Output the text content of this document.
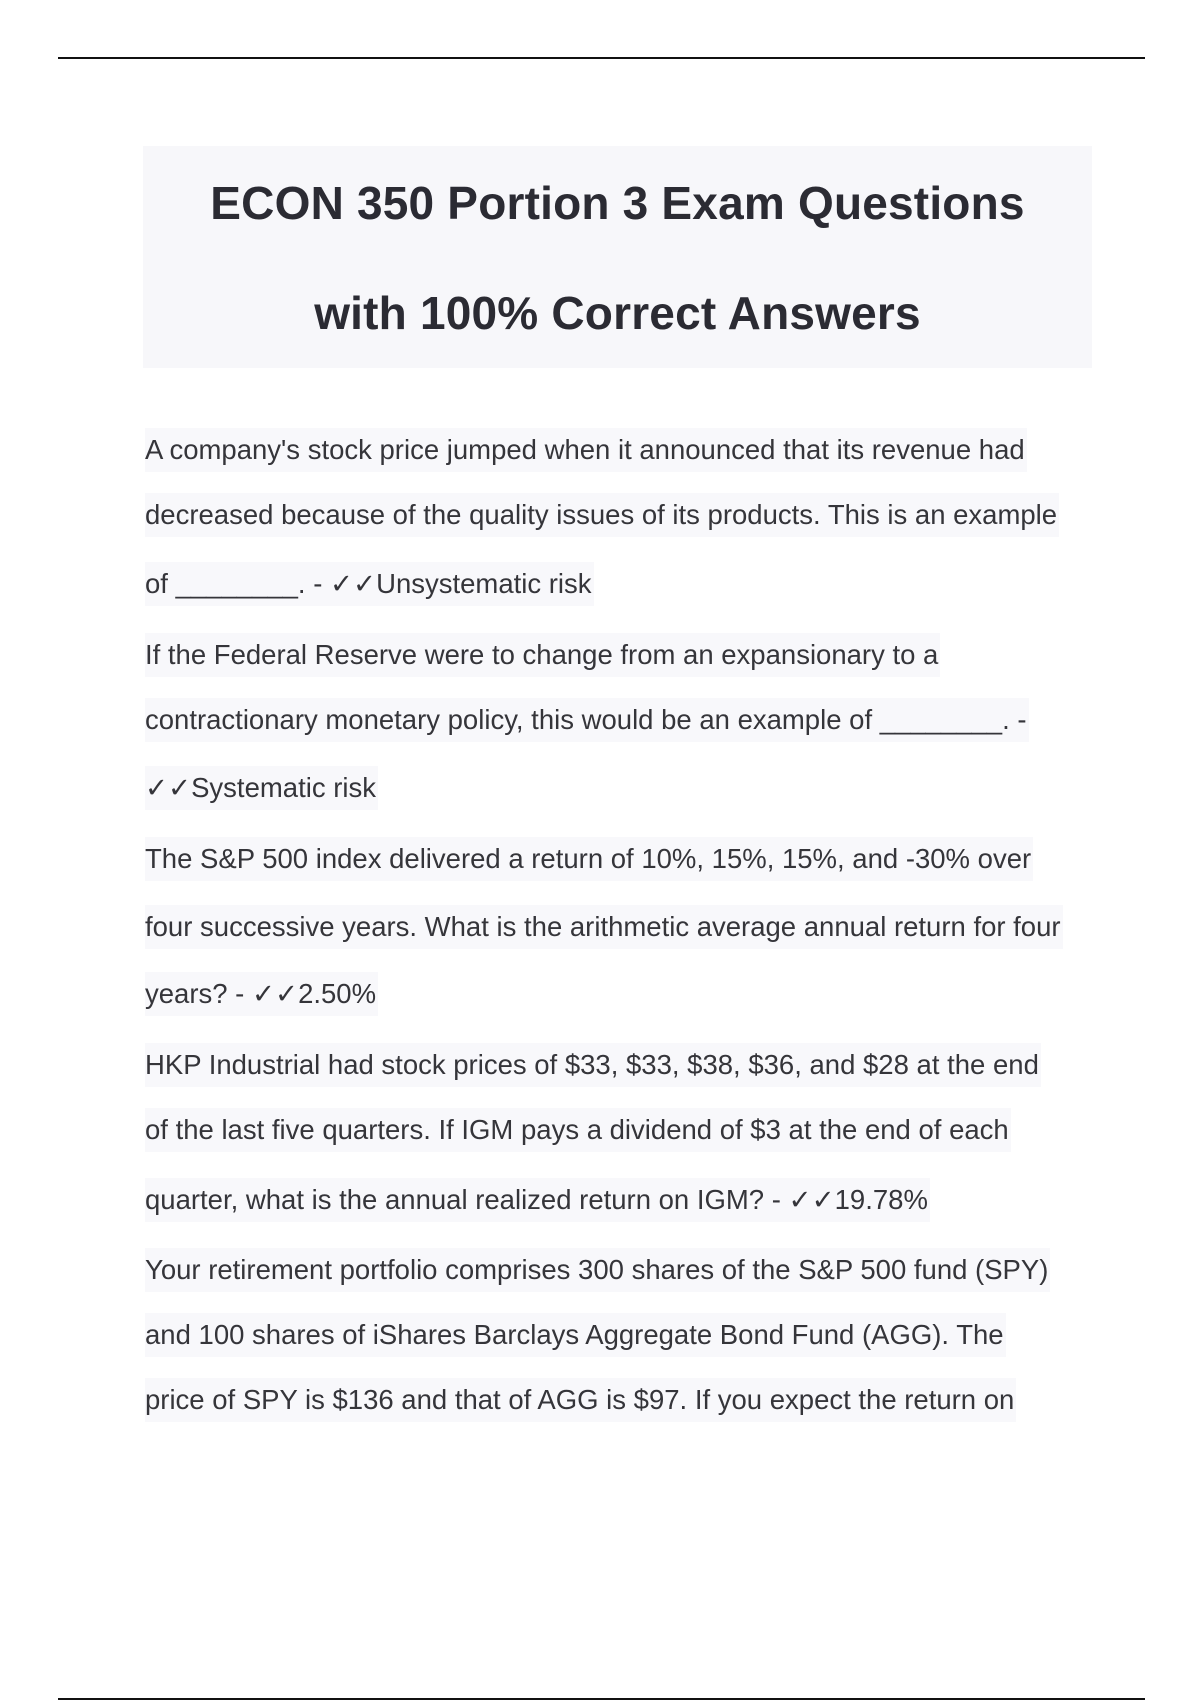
ECON 350 Portion 3 Exam Questions
with 100% Correct Answers
A company's stock price jumped when it announced that its revenue had
decreased because of the quality issues of its products. This is an example
of ________. - ✓✓Unsystematic risk
If the Federal Reserve were to change from an expansionary to a
contractionary monetary policy, this would be an example of ________. -
✓✓Systematic risk
The S&P 500 index delivered a return of 10%, 15%, 15%, and -30% over
four successive years. What is the arithmetic average annual return for four
years? - ✓✓2.50%
HKP Industrial had stock prices of $33, $33, $38, $36, and $28 at the end
of the last five quarters. If IGM pays a dividend of $3 at the end of each
quarter, what is the annual realized return on IGM? - ✓✓19.78%
Your retirement portfolio comprises 300 shares of the S&P 500 fund (SPY)
and 100 shares of iShares Barclays Aggregate Bond Fund (AGG). The
price of SPY is $136 and that of AGG is $97. If you expect the return on
